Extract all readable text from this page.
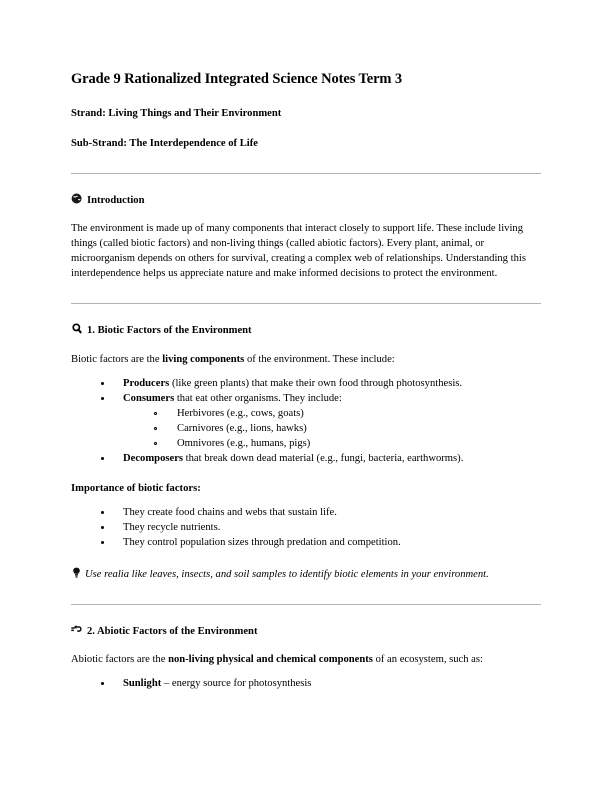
Grade 9 Rationalized Integrated Science Notes Term 3
Strand: Living Things and Their Environment
Sub-Strand: The Interdependence of Life
Introduction

The environment is made up of many components that interact closely to support life. These include living things (called biotic factors) and non-living things (called abiotic factors). Every plant, animal, or microorganism depends on others for survival, creating a complex web of relationships. Understanding this interdependence helps us appreciate nature and make informed decisions to protect the environment.

1. Biotic Factors of the Environment

Biotic factors are the living components of the environment. These include:

Producers (like green plants) that make their own food through photosynthesis.
Consumers that eat other organisms. They include:
Herbivores (e.g., cows, goats)
Carnivores (e.g., lions, hawks)
Omnivores (e.g., humans, pigs)
Decomposers that break down dead material (e.g., fungi, bacteria, earthworms).
Importance of biotic factors:
They create food chains and webs that sustain life.
They recycle nutrients.
They control population sizes through predation and competition.
Use realia like leaves, insects, and soil samples to identify biotic elements in your environment.
2. Abiotic Factors of the Environment

Abiotic factors are the non-living physical and chemical components of an ecosystem, such as:

Sunlight – energy source for photosynthesis
